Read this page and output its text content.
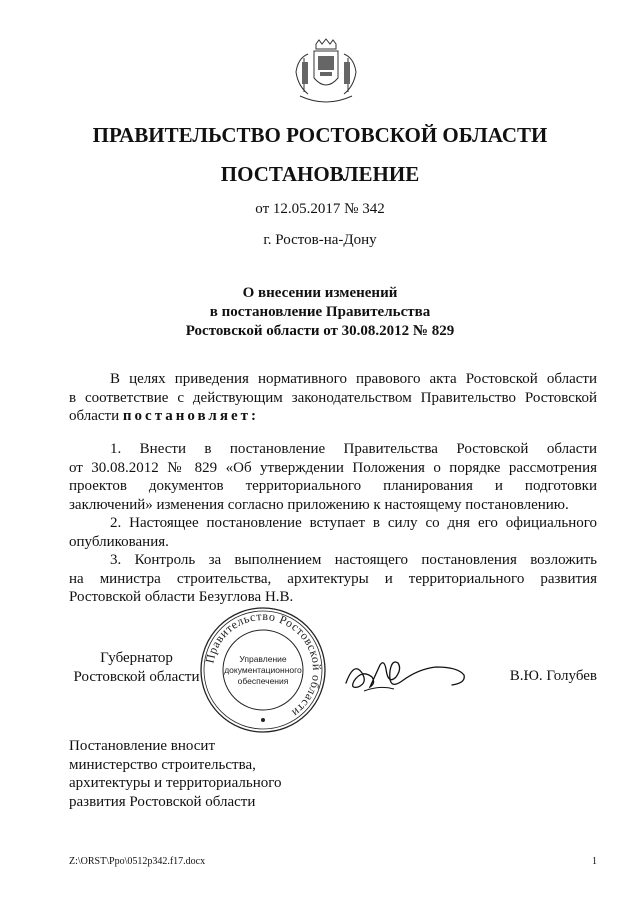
ПРАВИТЕЛЬСТВО РОСТОВСКОЙ ОБЛАСТИ
ПОСТАНОВЛЕНИЕ
от 12.05.2017 № 342
г. Ростов-на-Дону
О внесении изменений
в постановление Правительства
Ростовской области от 30.08.2012 № 829
В целях приведения нормативного правового акта Ростовской области
в соответствие с действующим законодательством Правительство Ростовской
области постановляет:
1. Внести в постановление Правительства Ростовской области
от 30.08.2012 № 829 «Об утверждении Положения о порядке рассмотрения
проектов документов территориального планирования и подготовки
заключений» изменения согласно приложению к настоящему постановлению.
2. Настоящее постановление вступает в силу со дня его официального
опубликования.
3. Контроль за выполнением настоящего постановления возложить
на министра строительства, архитектуры и территориального развития
Ростовской области Безуглова Н.В.
Губернатор
Ростовской области
Правительство Ростовской области
Управление
документационного
обеспечения	В.Ю. Голубев
Постановление вносит
министерство строительства,
архитектуры и территориального
развития Ростовской области
Z:\ORST\Ppo\0512p342.f17.docx	1
